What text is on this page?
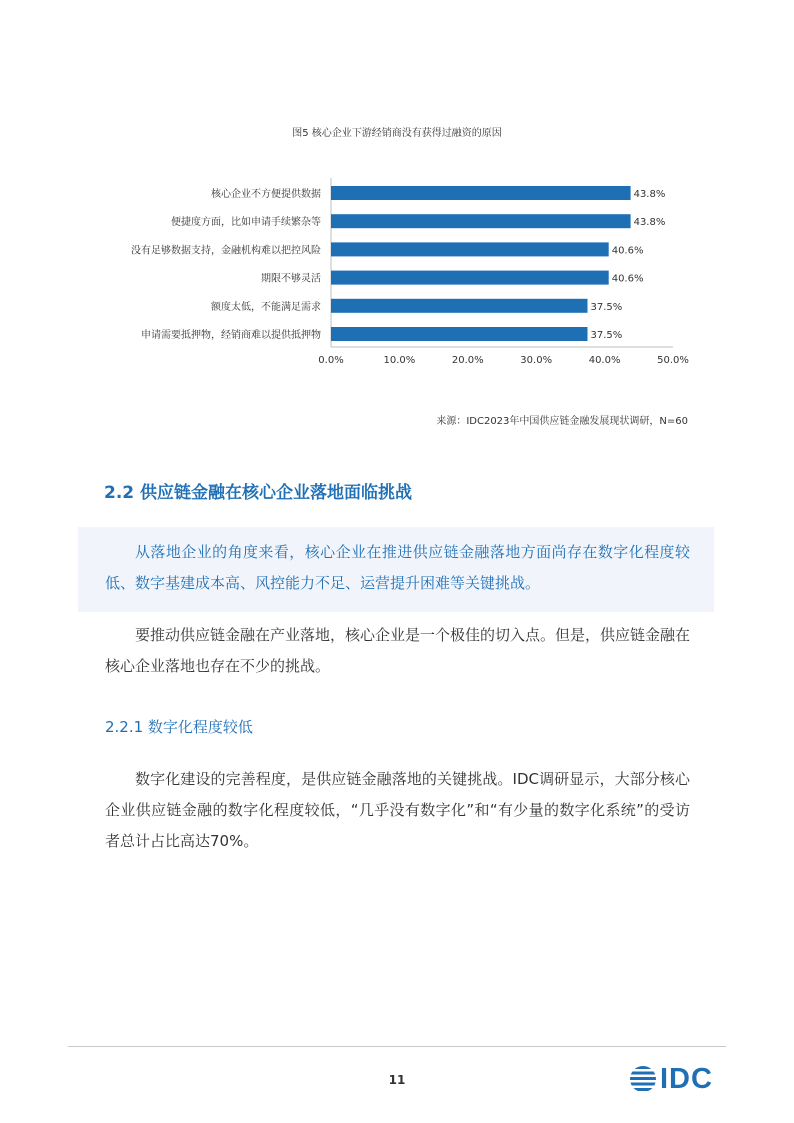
图5 核心企业下游经销商没有获得过融资的原因
核心企业不方便提供数据	43.8%
便捷度方面，比如申请手续繁杂等	43.8%
没有足够数据支持，金融机构难以把控风险	40.6%
期限不够灵活	40.6%
额度太低，不能满足需求	37.5%
申请需要抵押物，经销商难以提供抵押物	37.5%
0.0%	10.0%	20.0%	30.0%	40.0%	50.0%
来源：IDC2023年中国供应链金融发展现状调研，N=60
2.2 供应链金融在核心企业落地面临挑战
从落地企业的角度来看，核心企业在推进供应链金融落地方面尚存在数字化程度较低、数字基建成本高、风控能力不足、运营提升困难等关键挑战。
要推动供应链金融在产业落地，核心企业是一个极佳的切入点。但是，供应链金融在核心企业落地也存在不少的挑战。
2.2.1 数字化程度较低
数字化建设的完善程度，是供应链金融落地的关键挑战。IDC调研显示，大部分核心企业供应链金融的数字化程度较低，“几乎没有数字化”和“有少量的数字化系统”的受访者总计占比高达70%。
11	IDC
